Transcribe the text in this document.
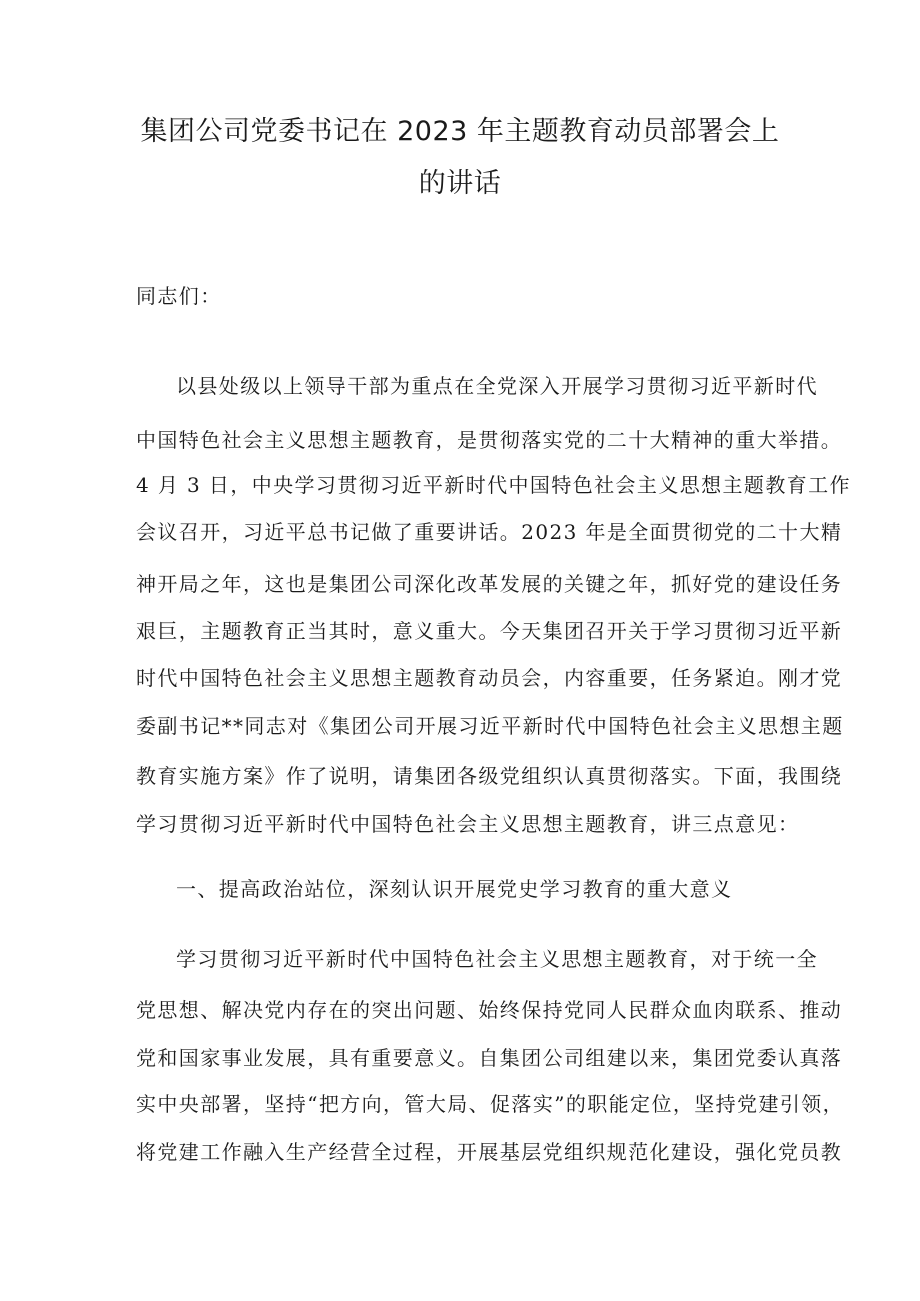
集团公司党委书记在 2023 年主题教育动员部署会上
的讲话
同志们：
以县处级以上领导干部为重点在全党深入开展学习贯彻习近平新时代
中国特色社会主义思想主题教育，是贯彻落实党的二十大精神的重大举措。
4 月 3 日，中央学习贯彻习近平新时代中国特色社会主义思想主题教育工作
会议召开，习近平总书记做了重要讲话。2023 年是全面贯彻党的二十大精
神开局之年，这也是集团公司深化改革发展的关键之年，抓好党的建设任务
艰巨，主题教育正当其时，意义重大。今天集团召开关于学习贯彻习近平新
时代中国特色社会主义思想主题教育动员会，内容重要，任务紧迫。刚才党
委副书记**同志对《集团公司开展习近平新时代中国特色社会主义思想主题
教育实施方案》作了说明，请集团各级党组织认真贯彻落实。下面，我围绕
学习贯彻习近平新时代中国特色社会主义思想主题教育，讲三点意见：
一、提高政治站位，深刻认识开展党史学习教育的重大意义
学习贯彻习近平新时代中国特色社会主义思想主题教育，对于统一全
党思想、解决党内存在的突出问题、始终保持党同人民群众血肉联系、推动
党和国家事业发展，具有重要意义。自集团公司组建以来，集团党委认真落
实中央部署，坚持“把方向，管大局、促落实”的职能定位，坚持党建引领，
将党建工作融入生产经营全过程，开展基层党组织规范化建设，强化党员教
